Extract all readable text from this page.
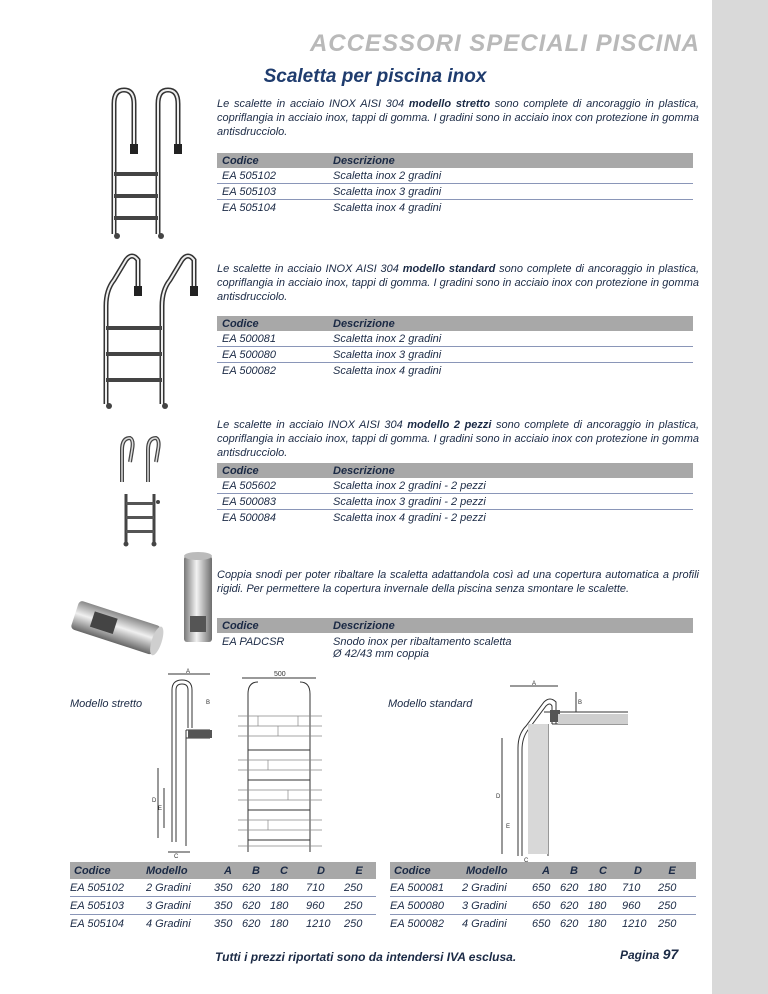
ACCESSORI SPECIALI PISCINA
Scaletta per piscina inox
Le scalette in acciaio INOX AISI 304 modello stretto sono complete di ancoraggio in plastica, copriflangia in acciaio inox, tappi di gomma. I gradini sono in acciaio inox con protezione in gomma antisdrucciolo.
Codice	Descrizione
EA 505102	Scaletta inox 2 gradini
EA 505103	Scaletta inox 3 gradini
EA 505104	Scaletta inox 4 gradini
Le scalette in acciaio INOX AISI 304 modello standard sono complete di ancoraggio in plastica, copriflangia in acciaio inox, tappi di gomma. I gradini sono in acciaio inox con protezione in gomma antisdrucciolo.
Codice	Descrizione
EA 500081	Scaletta inox 2 gradini
EA 500080	Scaletta inox 3 gradini
EA 500082	Scaletta inox 4 gradini
Le scalette in acciaio INOX AISI 304 modello 2 pezzi sono complete di ancoraggio in plastica, copriflangia in acciaio inox, tappi di gomma. I gradini sono in acciaio inox con protezione in gomma antisdrucciolo.
Codice	Descrizione
EA 505602	Scaletta inox 2 gradini - 2 pezzi
EA 500083	Scaletta inox 3 gradini - 2 pezzi
EA 500084	Scaletta inox 4 gradini - 2 pezzi
Coppia snodi per poter ribaltare la scaletta adattandola così ad una copertura automatica a profili rigidi. Per permettere la copertura invernale della piscina senza smontare le scalette.
Codice	Descrizione
EA PADCSR	Snodo inox per ribaltamento scaletta
Ø 42/43 mm coppia
Modello stretto	Modello standard
A
B
C
D
E
500
A
B
C
D
E
Codice	Modello	A	B	C	D	E
EA 505102	2 Gradini	350 620 180	710	250
EA 505103	3 Gradini	350 620 180	960	250
EA 505104	4 Gradini	350 620 180	1210	250
Codice	Modello	A	B	C	D	E
EA 500081	2 Gradini	650 620 180	710	250
EA 500080	3 Gradini	650 620 180	960	250
EA 500082	4 Gradini	650 620 180	1210	250
Tutti i prezzi riportati sono da intendersi IVA esclusa.	Pagina 97
